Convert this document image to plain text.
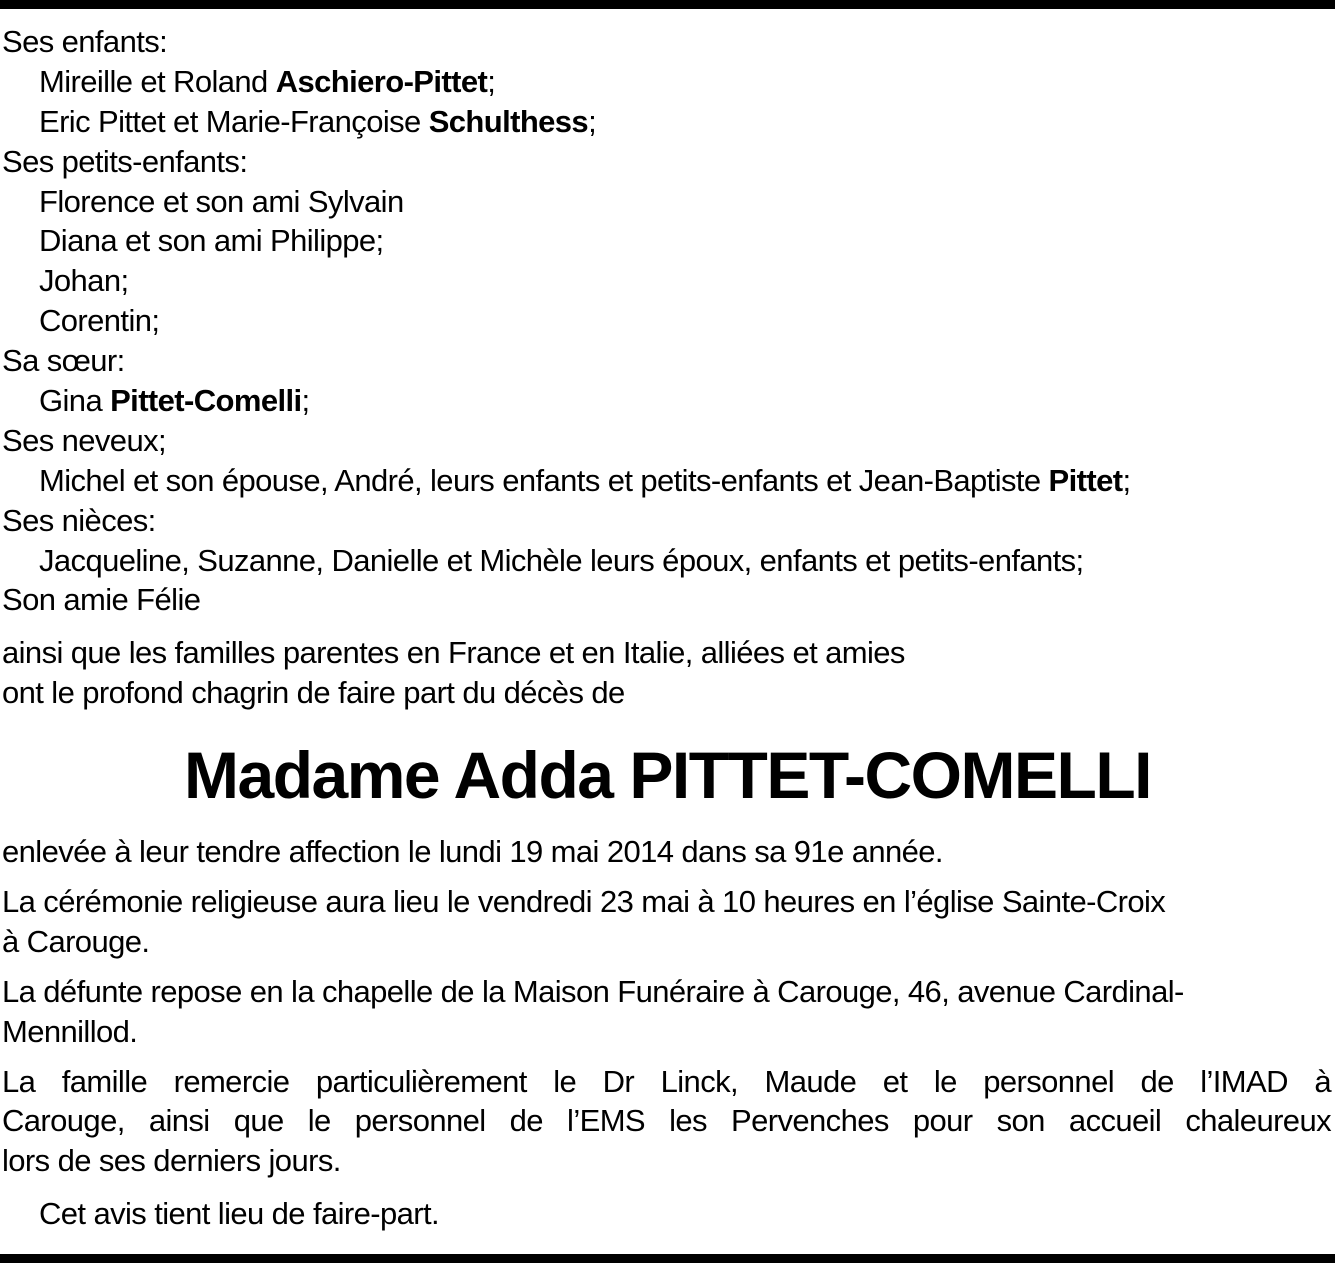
Ses enfants:
Mireille et Roland Aschiero-Pittet;
Eric Pittet et Marie-Françoise Schulthess;
Ses petits-enfants:
Florence et son ami Sylvain
Diana et son ami Philippe;
Johan;
Corentin;
Sa sœur:
Gina Pittet-Comelli;
Ses neveux;
Michel et son épouse, André, leurs enfants et petits-enfants et Jean-Baptiste Pittet;
Ses nièces:
Jacqueline, Suzanne, Danielle et Michèle leurs époux, enfants et petits-enfants;
Son amie Félie
ainsi que les familles parentes en France et en Italie, alliées et amies
ont le profond chagrin de faire part du décès de
Madame Adda PITTET-COMELLI
enlevée à leur tendre affection le lundi 19 mai 2014 dans sa 91e année.
La cérémonie religieuse aura lieu le vendredi 23 mai à 10 heures en l’église Sainte-Croix
à Carouge.
La défunte repose en la chapelle de la Maison Funéraire à Carouge, 46, avenue Cardinal-
Mennillod.
La famille remercie particulièrement le Dr Linck, Maude et le personnel de l’IMAD à
Carouge, ainsi que le personnel de l’EMS les Pervenches pour son accueil chaleureux
lors de ses derniers jours.
Cet avis tient lieu de faire-part.
